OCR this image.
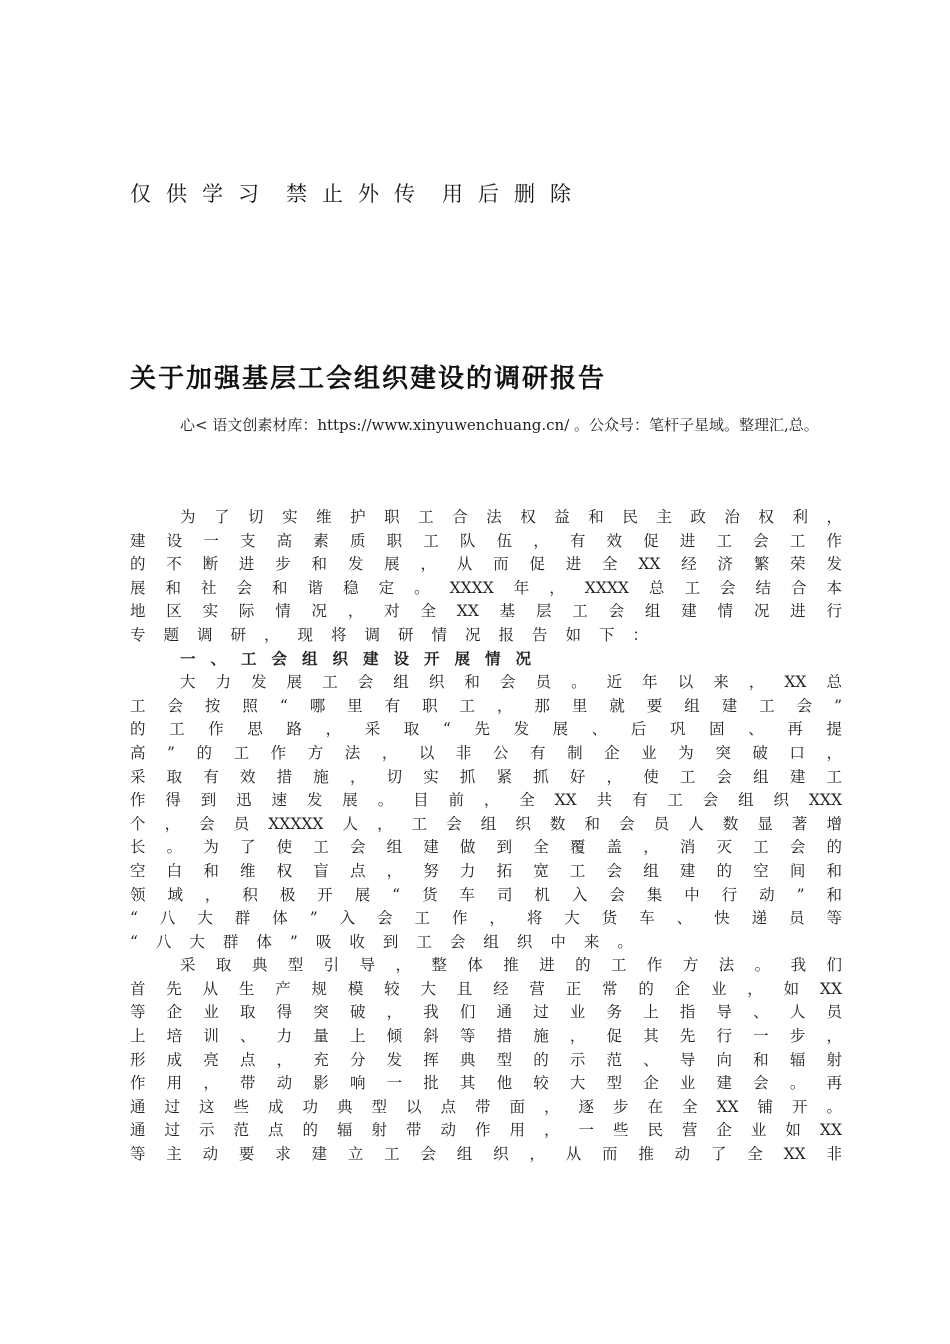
仅供学习 禁止外传 用后删除
关于加强基层工会组织建设的调研报告
心< 语文创素材库：https://www.xinyuwenchuang.cn/ 。公众号：笔杆子星域。整理汇,总。
为了切实维护职工合法权益和民主政治权利，
建设一支高素质职工队伍，有效促进工会工作
的不断进步和发展，从而促进全XX经济繁荣发
展和社会和谐稳定。XXXX年，XXXX总工会结合本
地区实际情况，对全XX基层工会组建情况进行
专题调研，现将调研情况报告如下：
一、工会组织建设开展情况
大力发展工会组织和会员。近年以来，XX总
工会按照“哪里有职工，那里就要组建工会”
的工作思路，采取“先发展、后巩固、再提
高”的工作方法，以非公有制企业为突破口，
采取有效措施，切实抓紧抓好，使工会组建工
作得到迅速发展。目前，全XX共有工会组织XXX
个，会员XXXXX人，工会组织数和会员人数显著增
长。为了使工会组建做到全覆盖，消灭工会的
空白和维权盲点，努力拓宽工会组建的空间和
领域，积极开展“货车司机入会集中行动”和
“八大群体”入会工作，将大货车、快递员等
“八大群体”吸收到工会组织中来。
采取典型引导，整体推进的工作方法。我们
首先从生产规模较大且经营正常的企业，如XX
等企业取得突破，我们通过业务上指导、人员
上培训、力量上倾斜等措施，促其先行一步，
形成亮点，充分发挥典型的示范、导向和辐射
作用，带动影响一批其他较大型企业建会。再
通过这些成功典型以点带面，逐步在全XX铺开。
通过示范点的辐射带动作用，一些民营企业如XX
等主动要求建立工会组织，从而推动了全XX非
